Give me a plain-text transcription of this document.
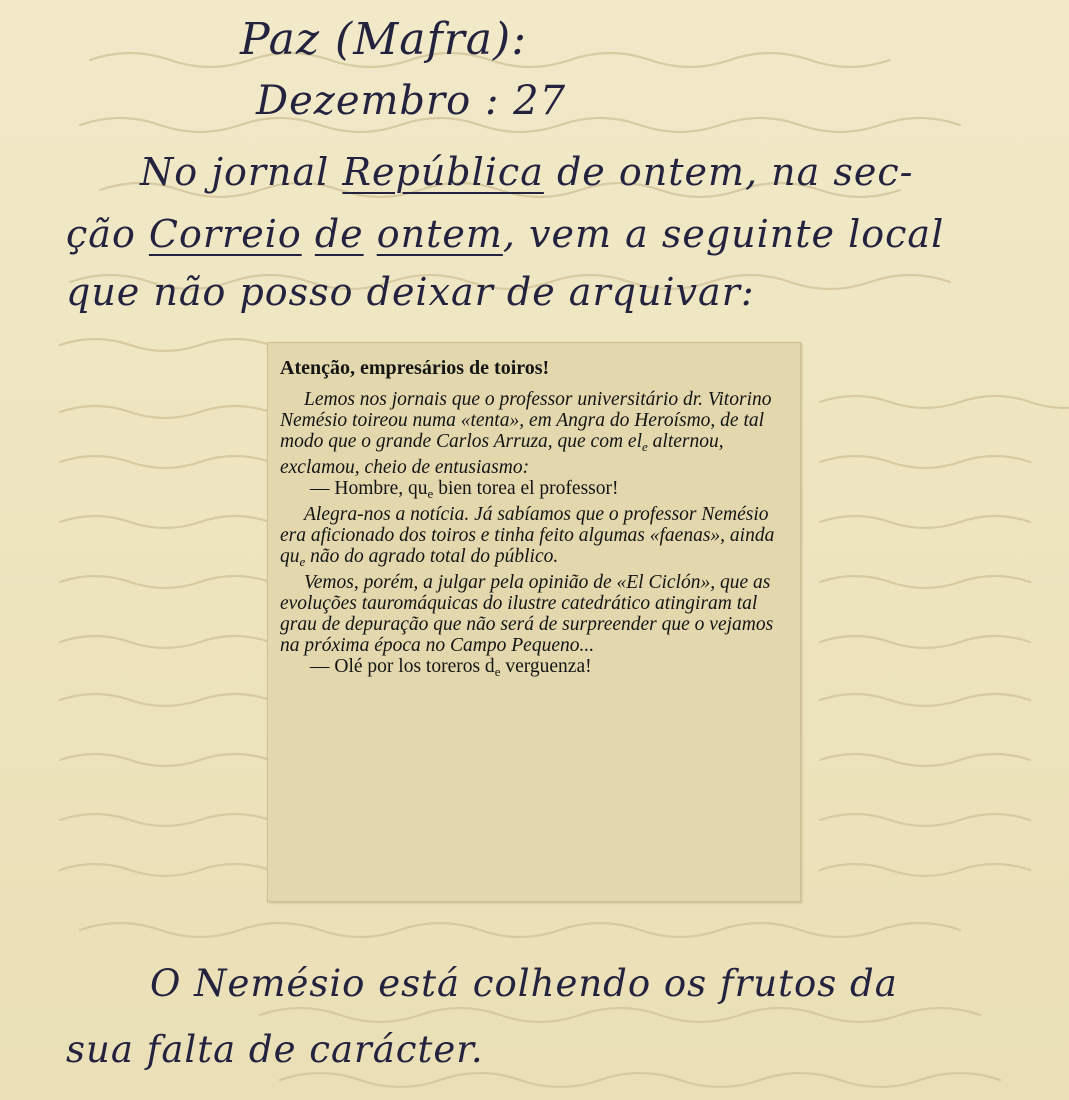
Paz (Mafra):
Dezembro : 27
No jornal República de ontem, na sec-
ção Correio de ontem, vem a seguinte local
que não posso deixar de arquivar:
Atenção, empresários de toiros!

Lemos nos jornais que o professor universitário dr. Vitorino Nemésio toireou numa «tenta», em Angra do Heroísmo, de tal modo que o grande Carlos Arruza, que com $el_e$ alternou, exclamou, cheio de entusiasmo:

— Hombre, $qu_e$ bien torea el professor!

Alegra-nos a notícia. Já sabíamos que o professor Nemésio era aficionado dos toiros e tinha feito algumas «faenas», ainda $qu_e$ não do agrado total do público.

Vemos, porém, a julgar pela opinião de «El Ciclón», que as evoluções tauromáquicas do ilustre catedrático atingiram tal grau de depuração que não será de surpreender que o vejamos na próxima época no Campo Pequeno...

— Olé por los toreros $d_e$ verguenza!

O Nemésio está colhendo os frutos da
sua falta de carácter.
